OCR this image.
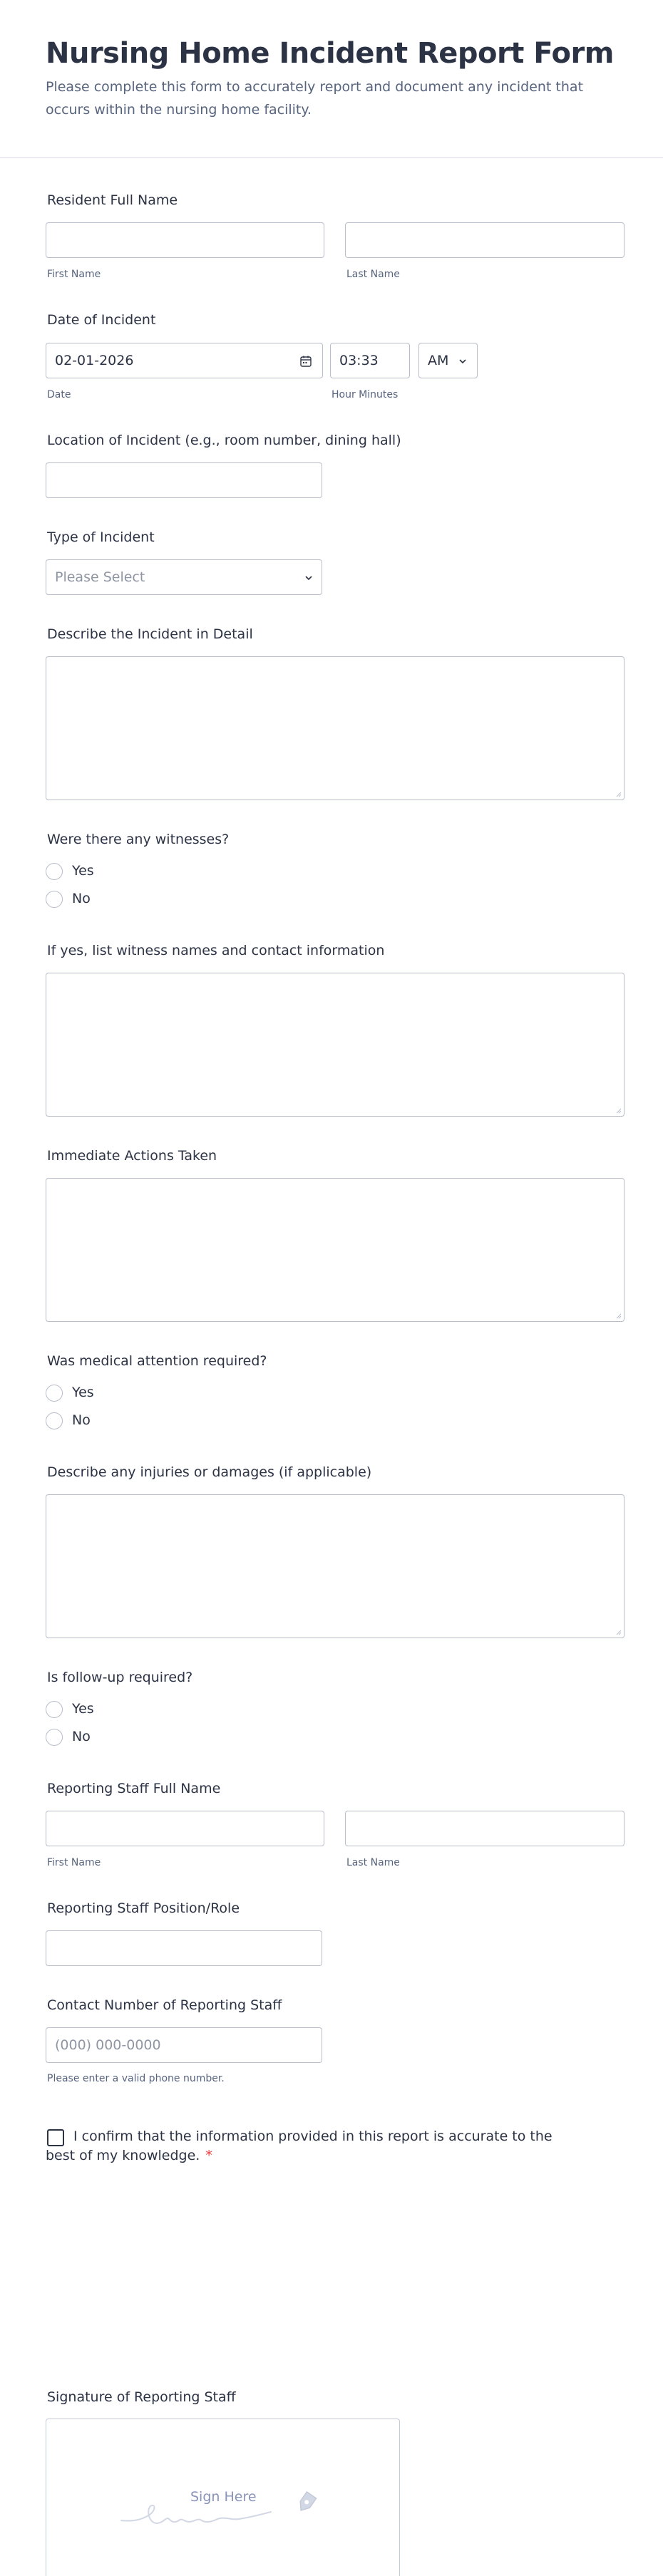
Nursing Home Incident Report Form

Please complete this form to accurately report and document any incident that occurs within the nursing home facility.

Resident Full Name
First Name	Last Name
Date of Incident
02-01-2026	03:33	AM
Date	Hour Minutes
Location of Incident (e.g., room number, dining hall)
Type of Incident
Please Select
Describe the Incident in Detail
Were there any witnesses?
Yes
No
If yes, list witness names and contact information
Immediate Actions Taken
Was medical attention required?
Yes
No
Describe any injuries or damages (if applicable)
Is follow-up required?
Yes
No
Reporting Staff Full Name
First Name	Last Name
Reporting Staff Position/Role
Contact Number of Reporting Staff
(000) 000-0000
Please enter a valid phone number.
I confirm that the information provided in this report is accurate to the
best of my knowledge. *
Signature of Reporting Staff
Sign Here
